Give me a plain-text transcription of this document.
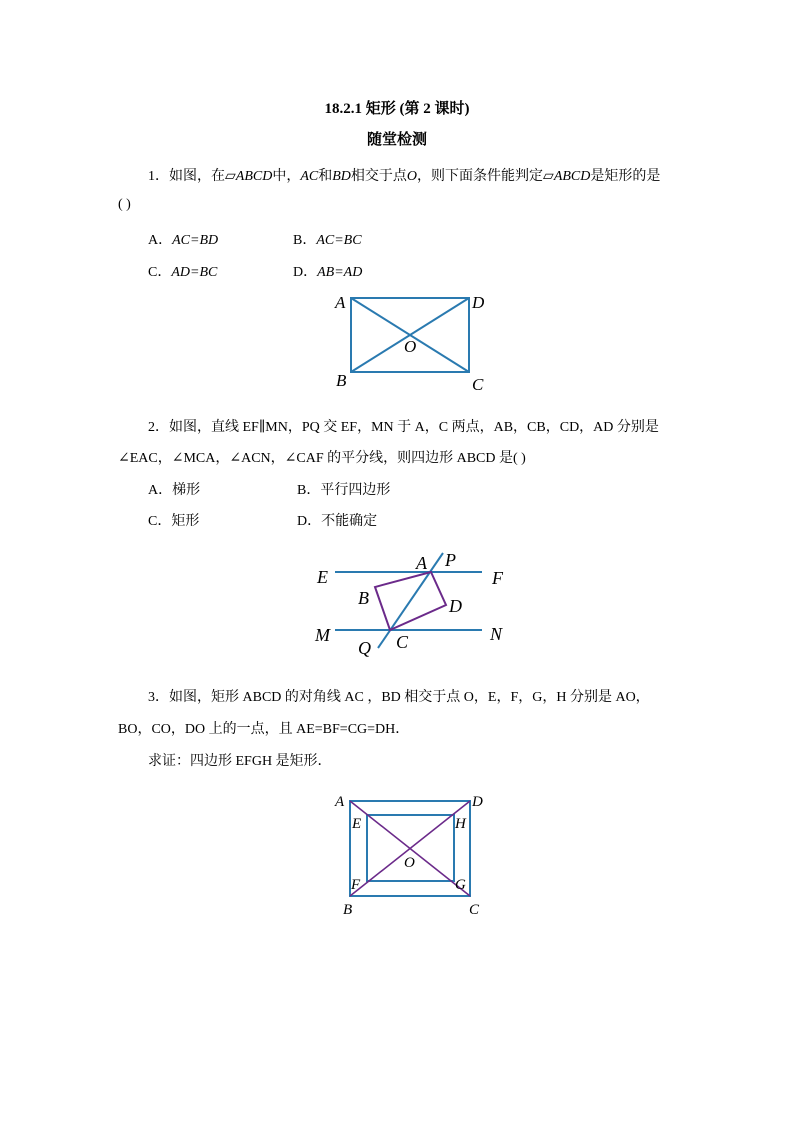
18.2.1 矩形 (第 2 课时)
随堂检测
1．如图，在▱ABCD中，AC和BD相交于点O，则下面条件能判定▱ABCD是矩形的是
( )
A．AC=BD	B．AC=BC
C．AD=BC	D．AB=AD
A	D
O
B	C
2．如图，直线 EF∥MN，PQ 交 EF，MN 于 A，C 两点，AB，CB，CD，AD 分别是
∠EAC，∠MCA，∠ACN，∠CAF 的平分线，则四边形 ABCD 是( )
A．梯形	B．平行四边形
C．矩形	D．不能确定
E	F
A P
B	D
M	N
C
Q
3．如图，矩形 ABCD 的对角线 AC ，BD 相交于点 O，E，F，G，H 分别是 AO，
BO，CO，DO 上的一点，且 AE=BF=CG=DH．
求证：四边形 EFGH 是矩形．
A	D
E	H
O
F	G
B	C
